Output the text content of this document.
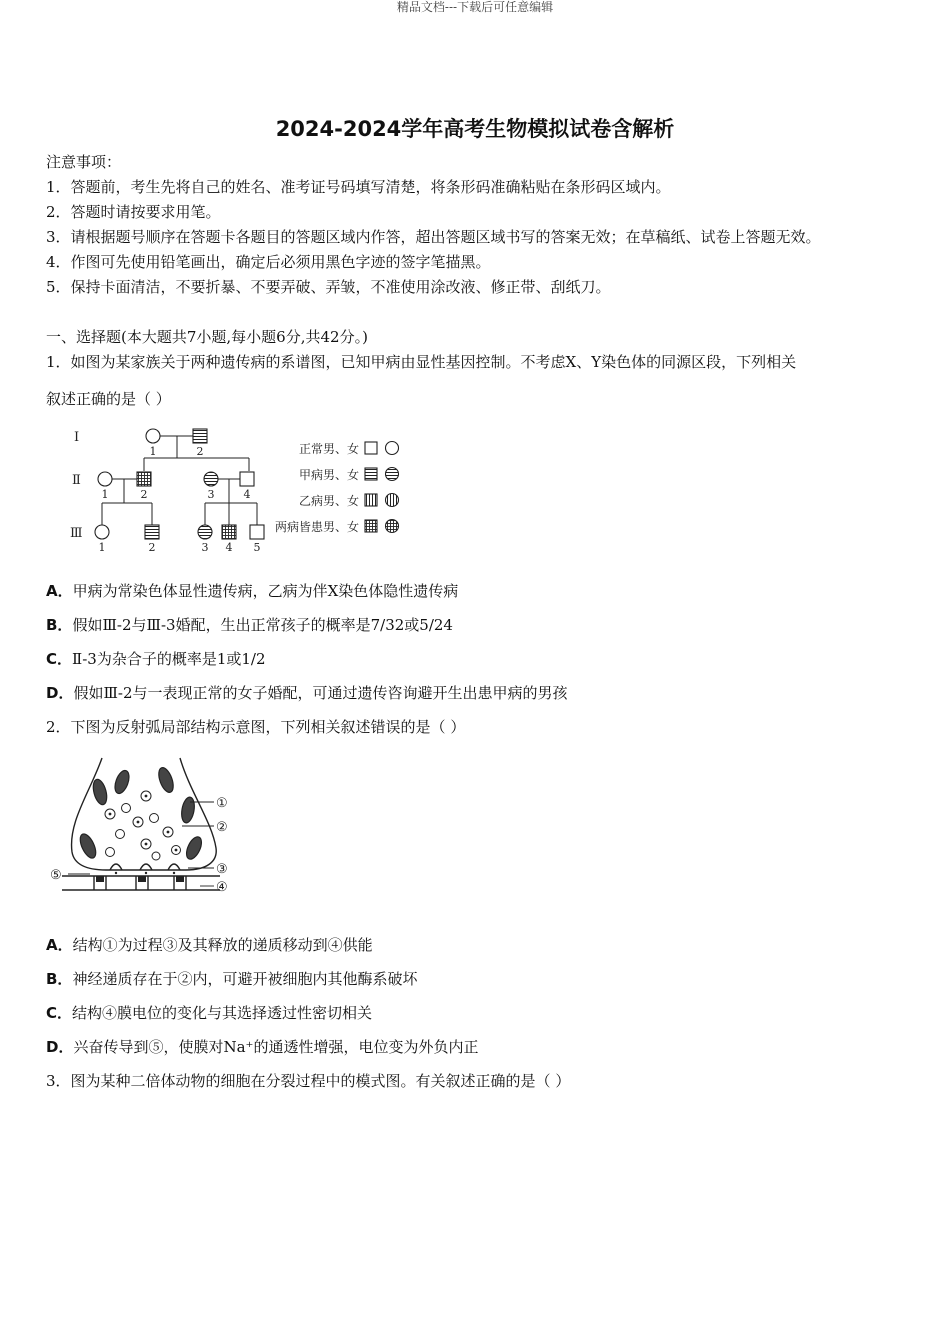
精品文档---下载后可任意编辑
2024-2024学年高考生物模拟试卷含解析
注意事项：
1．答题前，考生先将自己的姓名、准考证号码填写清楚，将条形码准确粘贴在条形码区域内。
2．答题时请按要求用笔。
3．请根据题号顺序在答题卡各题目的答题区域内作答，超出答题区域书写的答案无效；在草稿纸、试卷上答题无效。
4．作图可先使用铅笔画出，确定后必须用黑色字迹的签字笔描黑。
5．保持卡面清洁，不要折暴、不要弄破、弄皱，不准使用涂改液、修正带、刮纸刀。
一、选择题(本大题共7小题,每小题6分,共42分。)
1．如图为某家族关于两种遗传病的系谱图，已知甲病由显性基因控制。不考虑X、Y染色体的同源区段，下列相关
叙述正确的是（ ）
Ⅰ
Ⅱ
Ⅲ
1	2
1	2	3	4
1	2	3 4 5
正常男、女
甲病男、女
乙病男、女
两病皆患男、女
A．甲病为常染色体显性遗传病，乙病为伴X染色体隐性遗传病
B．假如Ⅲ-2与Ⅲ-3婚配，生出正常孩子的概率是7/32或5/24
C．Ⅱ-3为杂合子的概率是1或1/2
D．假如Ⅲ-2与一表现正常的女子婚配，可通过遗传咨询避开生出患甲病的男孩
2．下图为反射弧局部结构示意图，下列相关叙述错误的是（ ）
①
②
③
④
⑤
A．结构①为过程③及其释放的递质移动到④供能
B．神经递质存在于②内，可避开被细胞内其他酶系破坏
C．结构④膜电位的变化与其选择透过性密切相关
D．兴奋传导到⑤，使膜对Na⁺的通透性增强，电位变为外负内正
3．图为某种二倍体动物的细胞在分裂过程中的模式图。有关叙述正确的是（ ）
